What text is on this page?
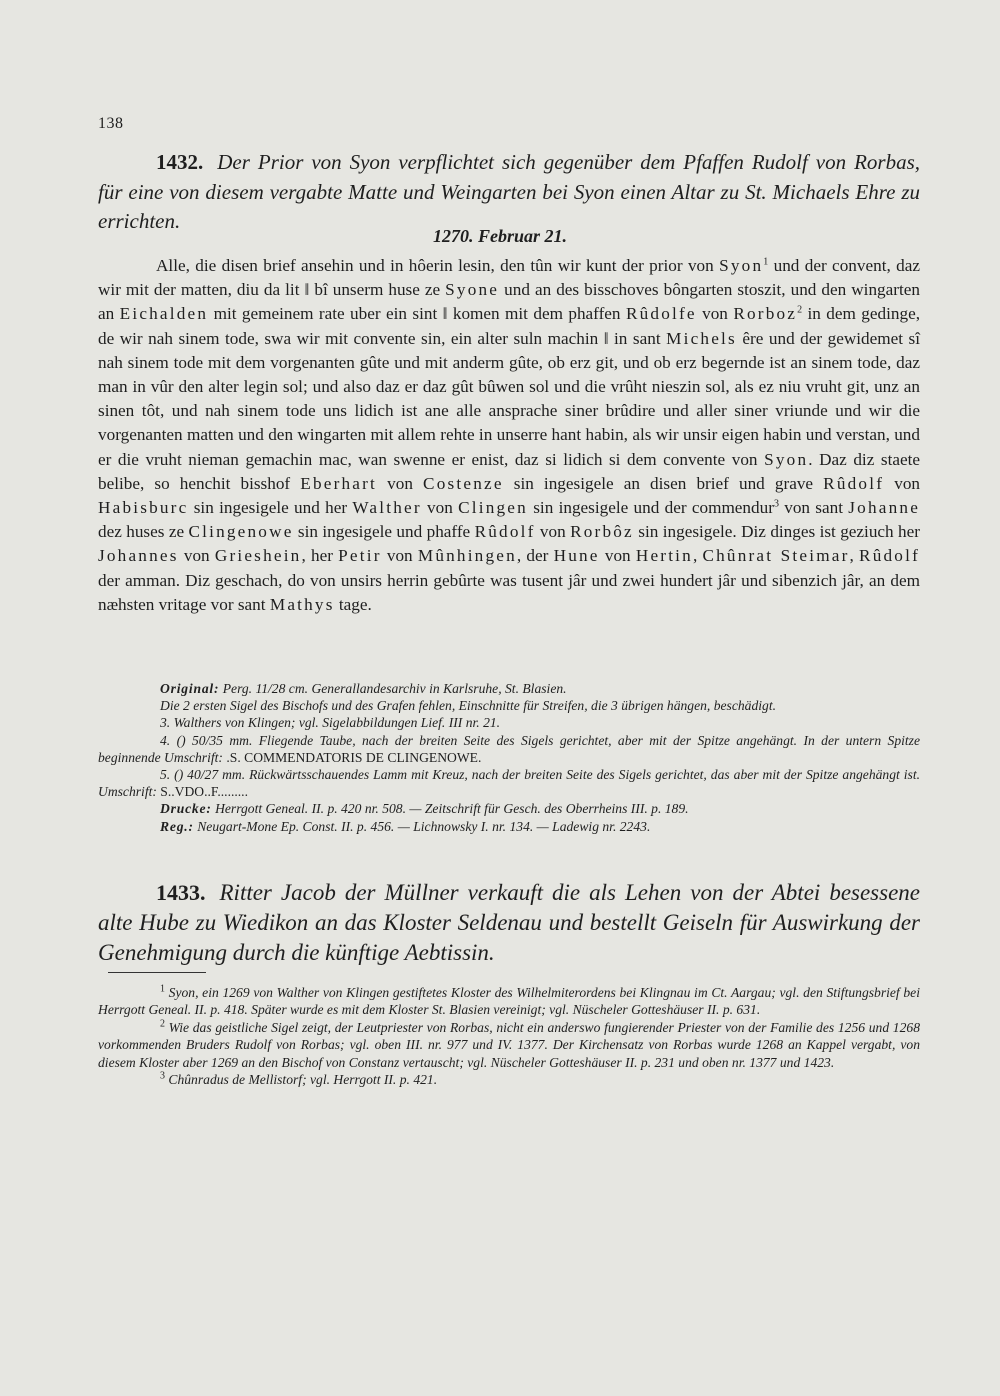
138
1432. Der Prior von Syon verpflichtet sich gegenüber dem Pfaffen Rudolf von Rorbas, für eine von diesem vergabte Matte und Weingarten bei Syon einen Altar zu St. Michaels Ehre zu errichten.
1270. Februar 21.

Alle, die disen brief ansehin und in hôerin lesin, den tûn wir kunt der prior von Syon$^1$ und der convent, daz wir mit der matten, diu da lit ‖ bî unserm huse ze Syone und an des bisschoves bôngarten stoszit, und den wingarten an Eichalden mit gemeinem rate uber ein sint ‖ komen mit dem phaffen Rûdolfe von Rorboz$^2$ in dem gedinge, de wir nah sinem tode, swa wir mit convente sin, ein alter suln machin ‖ in sant Michels êre und der gewidemet sî nah sinem tode mit dem vorgenanten gûte und mit anderm gûte, ob erz git, und ob erz begernde ist an sinem tode, daz man in vûr den alter legin sol; und also daz er daz gût bûwen sol und die vrûht nieszin sol, als ez niu vruht git, unz an sinen tôt, und nah sinem tode uns lidich ist ane alle ansprache siner brûdire und aller siner vriunde und wir die vorgenanten matten und den wingarten mit allem rehte in unserre hant habin, als wir unsir eigen habin und verstan, und er die vruht nieman gemachin mac, wan swenne er enist, daz si lidich si dem convente von Syon. Daz diz staete belibe, so henchit bisshof Eberhart von Costenze sin ingesigele an disen brief und grave Rûdolf von Habisburc sin ingesigele und her Walther von Clingen sin ingesigele und der commendur$^3$ von sant Johanne dez huses ze Clingenowe sin ingesigele und phaffe Rûdolf von Rorbôz sin ingesigele. Diz dinges ist geziuch her Johannes von Grieshein, her Petir von Mûnhingen, der Hune von Hertin, Chûnrat Steimar, Rûdolf der amman. Diz geschach, do von unsirs herrin gebûrte was tusent jâr und zwei hundert jâr und sibenzich jâr, an dem næhsten vritage vor sant Mathys tage.

Original: Perg. 11/28 cm. Generallandesarchiv in Karlsruhe, St. Blasien.

Die 2 ersten Sigel des Bischofs und des Grafen fehlen, Einschnitte für Streifen, die 3 übrigen hängen, beschädigt.

3. Walthers von Klingen; vgl. Sigelabbildungen Lief. III nr. 21.

4. () 50/35 mm. Fliegende Taube, nach der breiten Seite des Sigels gerichtet, aber mit der Spitze angehängt. In der untern Spitze beginnende Umschrift: .S. COMMENDATORIS DE CLINGENOWE.

5. () 40/27 mm. Rückwärtsschauendes Lamm mit Kreuz, nach der breiten Seite des Sigels gerichtet, das aber mit der Spitze angehängt ist. Umschrift: S..VDO..F.........

Drucke: Herrgott Geneal. II. p. 420 nr. 508. — Zeitschrift für Gesch. des Oberrheins III. p. 189.

Reg.: Neugart-Mone Ep. Const. II. p. 456. — Lichnowsky I. nr. 134. — Ladewig nr. 2243.

1433. Ritter Jacob der Müllner verkauft die als Lehen von der Abtei besessene alte Hube zu Wiedikon an das Kloster Seldenau und bestellt Geiseln für Auswirkung der Genehmigung durch die künftige Aebtissin.

$^1$ Syon, ein 1269 von Walther von Klingen gestiftetes Kloster des Wilhelmiterordens bei Klingnau im Ct. Aargau; vgl. den Stiftungsbrief bei Herrgott Geneal. II. p. 418. Später wurde es mit dem Kloster St. Blasien vereinigt; vgl. Nüscheler Gotteshäuser II. p. 631.

$^2$ Wie das geistliche Sigel zeigt, der Leutpriester von Rorbas, nicht ein anderswo fungierender Priester von der Familie des 1256 und 1268 vorkommenden Bruders Rudolf von Rorbas; vgl. oben III. nr. 977 und IV. 1377. Der Kirchensatz von Rorbas wurde 1268 an Kappel vergabt, von diesem Kloster aber 1269 an den Bischof von Constanz vertauscht; vgl. Nüscheler Gotteshäuser II. p. 231 und oben nr. 1377 und 1423.

$^3$ Chûnradus de Mellistorf; vgl. Herrgott II. p. 421.
